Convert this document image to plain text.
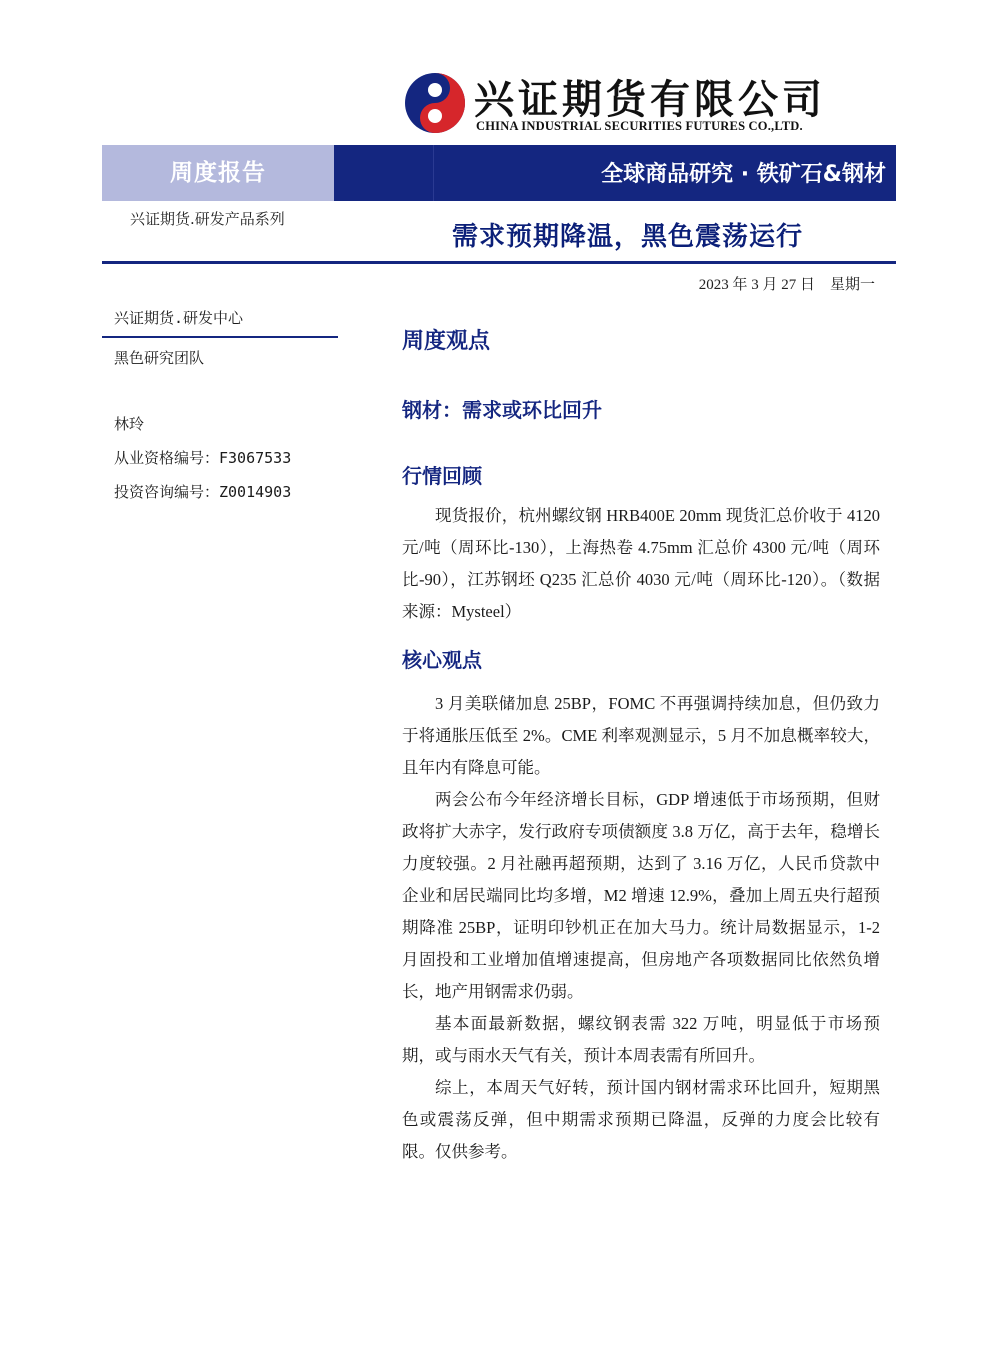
兴证期货有限公司
CHINA INDUSTRIAL SECURITIES FUTURES CO.,LTD.
周度报告	全球商品研究 · 铁矿石&钢材
兴证期货.研发产品系列
需求预期降温，黑色震荡运行
2023 年 3 月 27 日    星期一
兴证期货.研发中心
黑色研究团队
林玲
从业资格编号：F3067533
投资咨询编号：Z0014903
周度观点
钢材：需求或环比回升
行情回顾

现货报价，杭州螺纹钢 HRB400E 20mm 现货汇总价收于 4120 元/吨（周环比-130），上海热卷 4.75mm 汇总价 4300 元/吨（周环比-90），江苏钢坯 Q235 汇总价 4030 元/吨（周环比-120）。（数据来源：Mysteel）

核心观点

3 月美联储加息 25BP，FOMC 不再强调持续加息，但仍致力于将通胀压低至 2%。CME 利率观测显示，5 月不加息概率较大，且年内有降息可能。

两会公布今年经济增长目标，GDP 增速低于市场预期，但财政将扩大赤字，发行政府专项债额度 3.8 万亿，高于去年，稳增长力度较强。2 月社融再超预期，达到了 3.16 万亿，人民币贷款中企业和居民端同比均多增，M2 增速 12.9%，叠加上周五央行超预期降准 25BP，证明印钞机正在加大马力。统计局数据显示，1-2 月固投和工业增加值增速提高，但房地产各项数据同比依然负增长，地产用钢需求仍弱。

基本面最新数据，螺纹钢表需 322 万吨，明显低于市场预期，或与雨水天气有关，预计本周表需有所回升。

综上，本周天气好转，预计国内钢材需求环比回升，短期黑色或震荡反弹，但中期需求预期已降温，反弹的力度会比较有限。仅供参考。
